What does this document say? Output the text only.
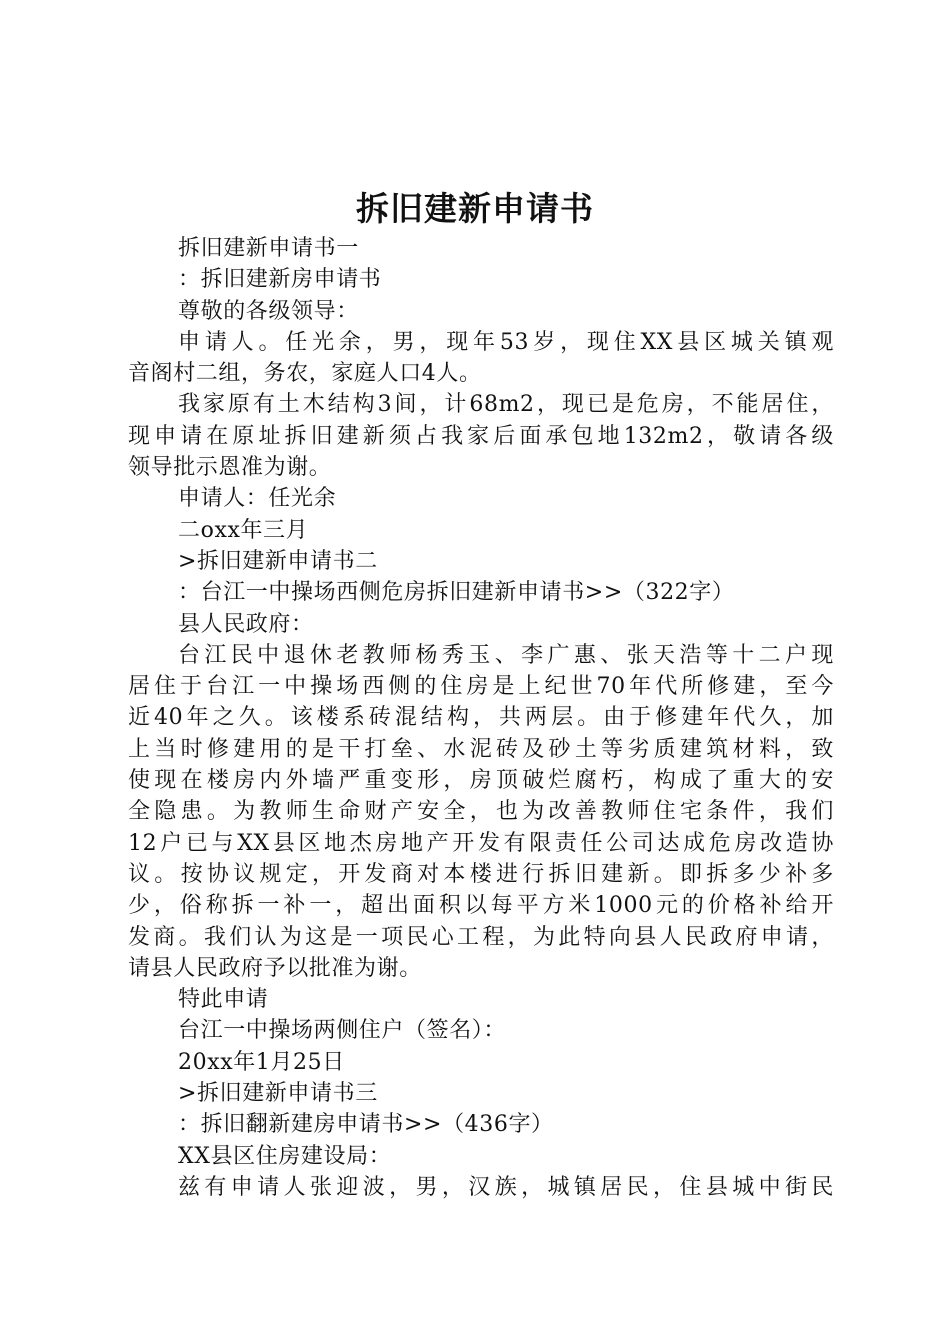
拆旧建新申请书
拆旧建新申请书一
：拆旧建新房申请书
尊敬的各级领导：
申请人。任光余，男，现年53岁，现住XX县区城关镇观
音阁村二组，务农，家庭人口4人。
我家原有土木结构3间，计68m2，现已是危房，不能居住，
现申请在原址拆旧建新须占我家后面承包地132m2，敬请各级
领导批示恩准为谢。
申请人：任光余
二oxx年三月
>拆旧建新申请书二
：台江一中操场西侧危房拆旧建新申请书>>（322字）
县人民政府：
台江民中退休老教师杨秀玉、李广惠、张天浩等十二户现
居住于台江一中操场西侧的住房是上纪世70年代所修建，至今
近40年之久。该楼系砖混结构，共两层。由于修建年代久，加
上当时修建用的是干打垒、水泥砖及砂土等劣质建筑材料，致
使现在楼房内外墙严重变形，房顶破烂腐朽，构成了重大的安
全隐患。为教师生命财产安全，也为改善教师住宅条件，我们
12户已与XX县区地杰房地产开发有限责任公司达成危房改造协
议。按协议规定，开发商对本楼进行拆旧建新。即拆多少补多
少，俗称拆一补一，超出面积以每平方米1000元的价格补给开
发商。我们认为这是一项民心工程，为此特向县人民政府申请，
请县人民政府予以批准为谢。
特此申请
台江一中操场两侧住户（签名）：
20xx年1月25日
>拆旧建新申请书三
：拆旧翻新建房申请书>>（436字）
XX县区住房建设局：
兹有申请人张迎波，男，汉族，城镇居民，住县城中街民
